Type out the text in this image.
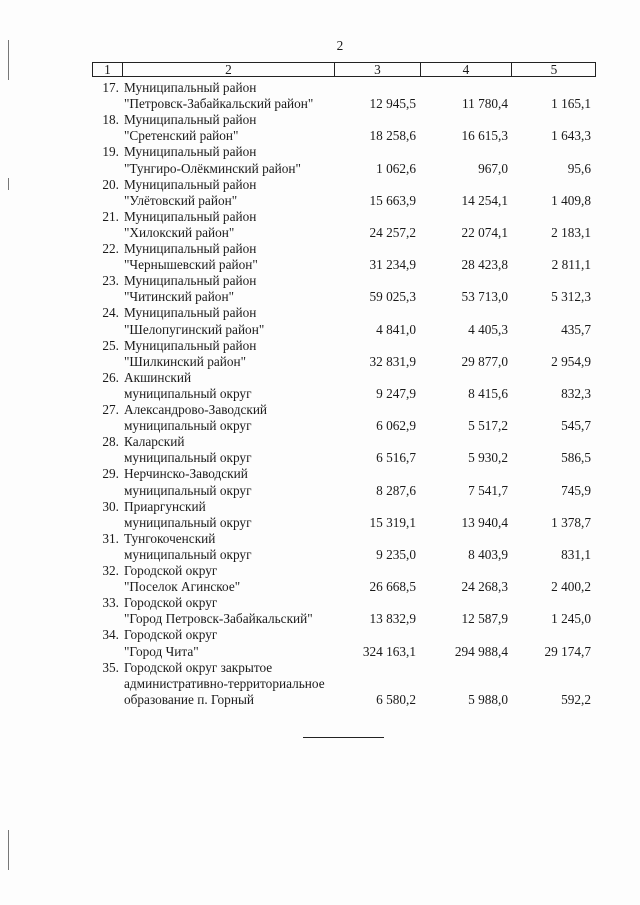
2
1	2	3	4	5
17. Муниципальный район
"Петровск-Забайкальский район"	12 945,5	11 780,4	1 165,1
18. Муниципальный район
"Сретенский район"	18 258,6	16 615,3	1 643,3
19. Муниципальный район
"Тунгиро-Олёкминский район"	1 062,6	967,0	95,6
20. Муниципальный район
"Улётовский район"	15 663,9	14 254,1	1 409,8
21. Муниципальный район
"Хилокский район"	24 257,2	22 074,1	2 183,1
22. Муниципальный район
"Чернышевский район"	31 234,9	28 423,8	2 811,1
23. Муниципальный район
"Читинский район"	59 025,3	53 713,0	5 312,3
24. Муниципальный район
"Шелопугинский район"	4 841,0	4 405,3	435,7
25. Муниципальный район
"Шилкинский район"	32 831,9	29 877,0	2 954,9
26. Акшинский
муниципальный округ	9 247,9	8 415,6	832,3
27. Александрово-Заводский
муниципальный округ	6 062,9	5 517,2	545,7
28. Каларский
муниципальный округ	6 516,7	5 930,2	586,5
29. Нерчинско-Заводский
муниципальный округ	8 287,6	7 541,7	745,9
30. Приаргунский
муниципальный округ	15 319,1	13 940,4	1 378,7
31. Тунгокоченский
муниципальный округ	9 235,0	8 403,9	831,1
32. Городской округ
"Поселок Агинское"	26 668,5	24 268,3	2 400,2
33. Городской округ
"Город Петровск-Забайкальский"	13 832,9	12 587,9	1 245,0
34. Городской округ
"Город Чита"	324 163,1	294 988,4	29 174,7
35. Городской округ закрытое
административно-территориальное
образование п. Горный	6 580,2	5 988,0	592,2
